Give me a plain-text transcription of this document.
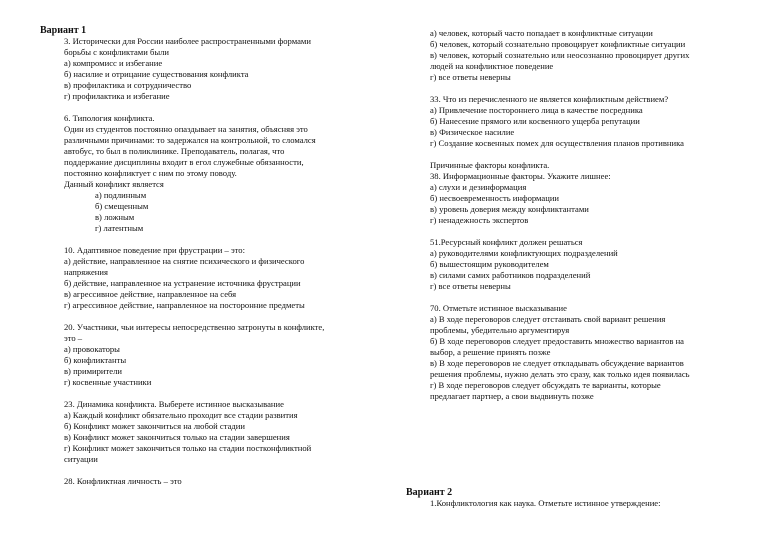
Вариант 1
3. Исторически для России наиболее распространенными формами
борьбы с конфликтами были
а) компромисс и избегание
б) насилие и отрицание существования конфликта
в) профилактика и сотрудничество
г) профилактика и избегание
6. Типология конфликта.
Один из студентов постоянно опаздывает на занятия, объясняя это
различными причинами: то задержался на контрольной, то сломался
автобус, то был в поликлинике. Преподаватель, полагая, что
поддержание дисциплины входит в егол служебные обязанности,
постоянно конфликтует с ним по этому поводу.
Данный конфликт является
а) подлинным
б) смещенным
в) ложным
г) латентным
10. Адаптивное поведение при фрустрации – это:
а) действие, направленное на снятие психического и физического
напряжения
б) действие, направленное на устранение источника фрустрации
в) агрессивное действие, направленное на себя
г) агрессивное действие, направленное на посторонние предметы
20. Участники, чьи интересы непосредственно затронуты в конфликте,
это –
а) провокаторы
б) конфликтанты
в) примирители
г) косвенные участники
23. Динамика конфликта. Выберете истинное высказывание
а) Каждый конфликт обязательно проходит все стадии развития
б) Конфликт может закончиться на любой стадии
в) Конфликт может закончиться только на стадии завершения
г) Конфликт может закончиться только на стадии постконфликтной
ситуации
28. Конфликтная личность – это
а) человек, который часто попадает в конфликтные ситуации
б) человек, который сознательно провоцирует конфликтные ситуации
в) человек, который сознательно или неосознанно провоцирует других
людей на конфликтное поведение
г) все ответы неверны
33. Что из перечисленного не является конфликтным действием?
а) Привлечение постороннего лица в качестве посредника
б) Нанесение прямого или косвенного ущерба репутации
в) Физическое насилие
г) Создание косвенных помех для осуществления планов противника
Причинные факторы конфликта.
38. Информационные факторы. Укажите лишнее:
а) слухи и дезинформация
б) несвоевременность информации
в) уровень доверия между конфликтантами
г) ненадежность экспертов
51.Ресурсный конфликт должен решаться
а) руководителями конфликтующих подразделений
б) вышестоящим руководителем
в) силами самих работников подразделений
г) все ответы неверны
70. Отметьте истинное высказывание
а) В ходе переговоров следует отстаивать свой вариант решения
проблемы, убедительно аргументируя
б) В ходе переговоров следует предоставить множество вариантов на
выбор, а решение принять позже
в) В ходе переговоров не следует откладывать обсуждение вариантов
решения проблемы, нужно делать это сразу, как только идея появилась
г) В ходе переговоров следует обсуждать те варианты, которые
предлагает партнер, а свои выдвинуть позже
Вариант 2
1.Конфликтология как наука. Отметьте истинное утверждение:
